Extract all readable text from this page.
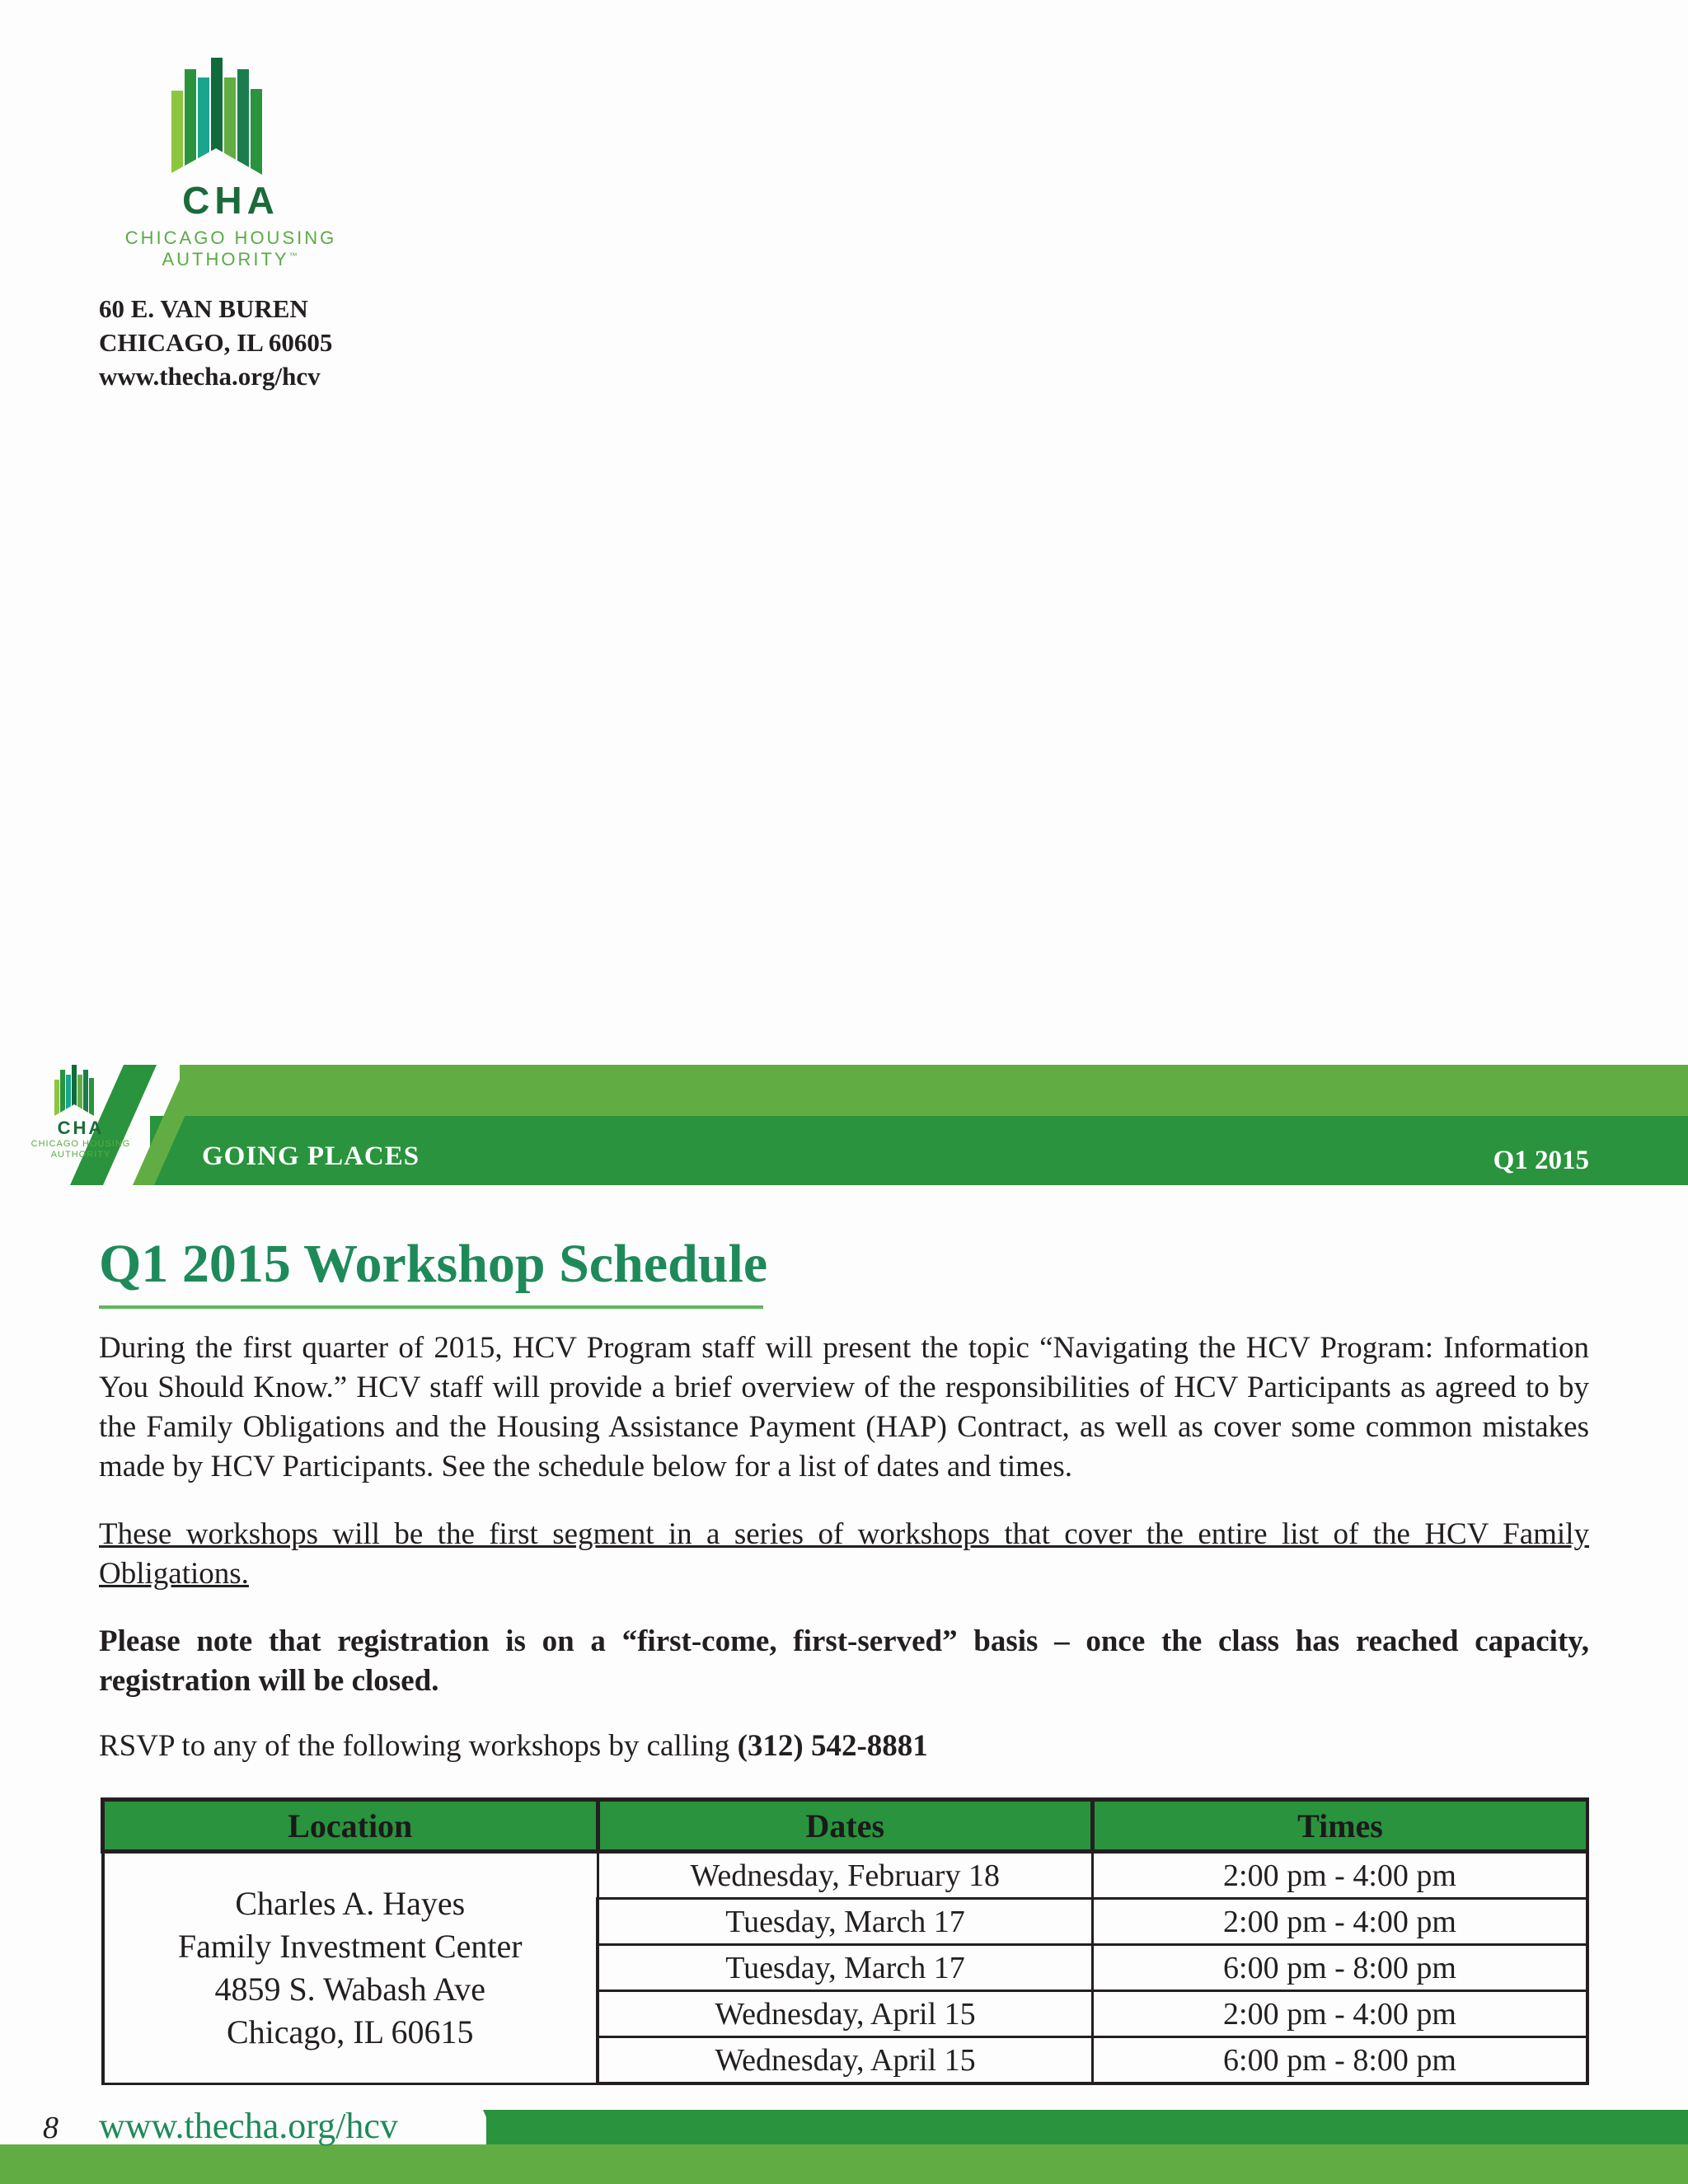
CHA
CHICAGO HOUSING
AUTHORITY™
60 E. VAN BUREN
CHICAGO, IL 60605
www.thecha.org/hcv
CHA
CHICAGO HOUSING
AUTHORITY	GOING PLACES	Q1 2015
Q1 2015 Workshop Schedule
During the first quarter of 2015, HCV Program staff will present the topic “Navigating the HCV Program: Information You Should Know.” HCV staff will provide a brief overview of the responsibilities of HCV Participants as agreed to by the Family Obligations and the Housing Assistance Payment (HAP) Contract, as well as cover some common mistakes made by HCV Participants. See the schedule below for a list of dates and times.
These workshops will be the first segment in a series of workshops that cover the entire list of the HCV Family Obligations.
Please note that registration is on a “first-come, first-served” basis – once the class has reached capacity, registration will be closed.
RSVP to any of the following workshops by calling (312) 542-8881
Location	Dates	Times

Charles A. Hayes
Family Investment Center
4859 S. Wabash Ave
Chicago, IL 60615	Wednesday, February 18	2:00 pm - 4:00 pm
	Tuesday, March 17	2:00 pm - 4:00 pm
	Tuesday, March 17	6:00 pm - 8:00 pm
	Wednesday, April 15	2:00 pm - 4:00 pm
	Wednesday, April 15	6:00 pm - 8:00 pm
8 www.thecha.org/hcv
